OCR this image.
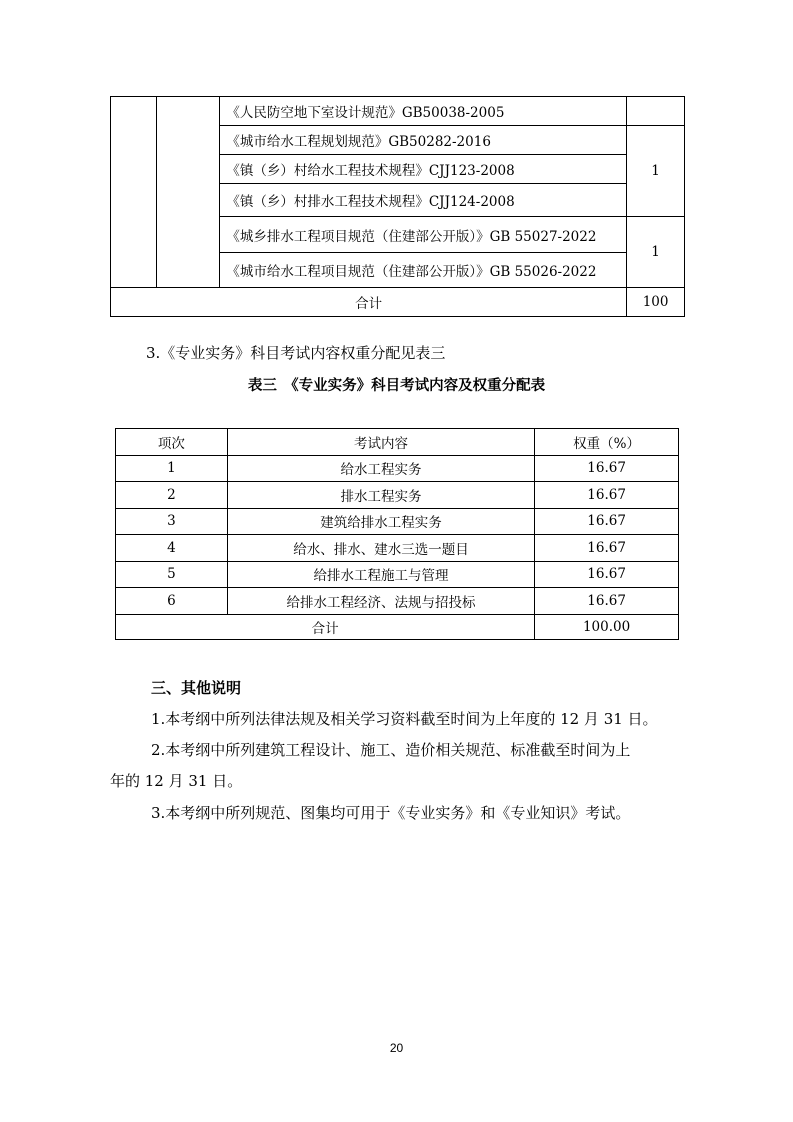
		《人民防空地下室设计规范》GB50038-2005	
		《城市给水工程规划规范》GB50282-2016	1
		《镇（乡）村给水工程技术规程》CJJ123-2008	
		《镇（乡）村排水工程技术规程》CJJ124-2008	
		《城乡排水工程项目规范（住建部公开版）》GB 55027-2022	1
		《城市给水工程项目规范（住建部公开版）》GB 55026-2022	
合计			100
3.《专业实务》科目考试内容权重分配见表三
表三　《专业实务》科目考试内容及权重分配表
项次	考试内容	权重（%）
1	给水工程实务	16.67
2	排水工程实务	16.67
3	建筑给排水工程实务	16.67
4	给水、排水、建水三选一题目	16.67
5	给排水工程施工与管理	16.67
6	给排水工程经济、法规与招投标	16.67
合计		100.00
三、其他说明
1.本考纲中所列法律法规及相关学习资料截至时间为上年度的 12 月 31 日。
2.本考纲中所列建筑工程设计、施工、造价相关规范、标准截至时间为上
年的 12 月 31 日。
3.本考纲中所列规范、图集均可用于《专业实务》和《专业知识》考试。
20
